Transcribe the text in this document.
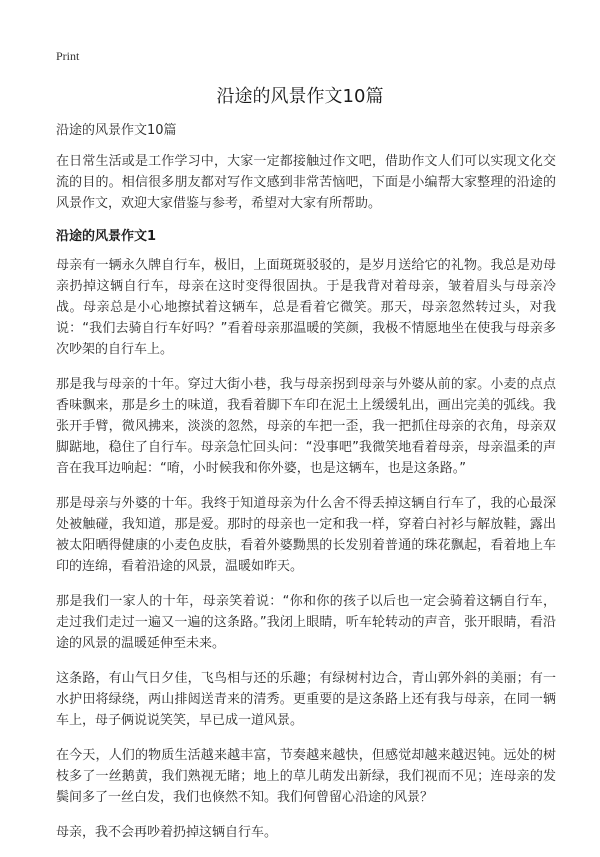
Print
沿途的风景作文10篇

沿途的风景作文10篇

在日常生活或是工作学习中，大家一定都接触过作文吧，借助作文人们可以实现文化交流的目的。相信很多朋友都对写作文感到非常苦恼吧，下面是小编帮大家整理的沿途的风景作文，欢迎大家借鉴与参考，希望对大家有所帮助。

沿途的风景作文1

母亲有一辆永久牌自行车，极旧，上面斑斑驳驳的，是岁月送给它的礼物。我总是劝母亲扔掉这辆自行车，母亲在这时变得很固执。于是我背对着母亲，皱着眉头与母亲冷战。母亲总是小心地擦拭着这辆车，总是看着它微笑。那天，母亲忽然转过头，对我说：“我们去骑自行车好吗？”看着母亲那温暖的笑颜，我极不情愿地坐在使我与母亲多次吵架的自行车上。

那是我与母亲的十年。穿过大街小巷，我与母亲拐到母亲与外婆从前的家。小麦的点点香味飘来，那是乡土的味道，我看着脚下车印在泥土上缓缓轧出，画出完美的弧线。我张开手臂，微风拂来，淡淡的忽然，母亲的车把一歪，我一把抓住母亲的衣角，母亲双脚踮地，稳住了自行车。母亲急忙回头问：“没事吧”我微笑地看着母亲，母亲温柔的声音在我耳边响起：“唷，小时候我和你外婆，也是这辆车，也是这条路。”

那是母亲与外婆的十年。我终于知道母亲为什么舍不得丢掉这辆自行车了，我的心最深处被触碰，我知道，那是爱。那时的母亲也一定和我一样，穿着白衬衫与解放鞋，露出被太阳晒得健康的小麦色皮肤，看着外婆黝黑的长发别着普通的珠花飘起，看着地上车印的连绵，看着沿途的风景，温暖如昨天。

那是我们一家人的十年，母亲笑着说：“你和你的孩子以后也一定会骑着这辆自行车，走过我们走过一遍又一遍的这条路。”我闭上眼睛，听车轮转动的声音，张开眼睛，看沿途的风景的温暖延伸至未来。

这条路，有山气日夕佳，飞鸟相与还的乐趣；有绿树村边合，青山郭外斜的美丽；有一水护田将绿绕，两山排闼送青来的清秀。更重要的是这条路上还有我与母亲，在同一辆车上，母子俩说说笑笑，早已成一道风景。

在今天，人们的物质生活越来越丰富，节奏越来越快，但感觉却越来越迟钝。远处的树枝多了一丝鹅黄，我们熟视无睹；地上的草儿萌发出新绿，我们视而不见；连母亲的发鬓间多了一丝白发，我们也倏然不知。我们何曾留心沿途的风景？

母亲，我不会再吵着扔掉这辆自行车。
